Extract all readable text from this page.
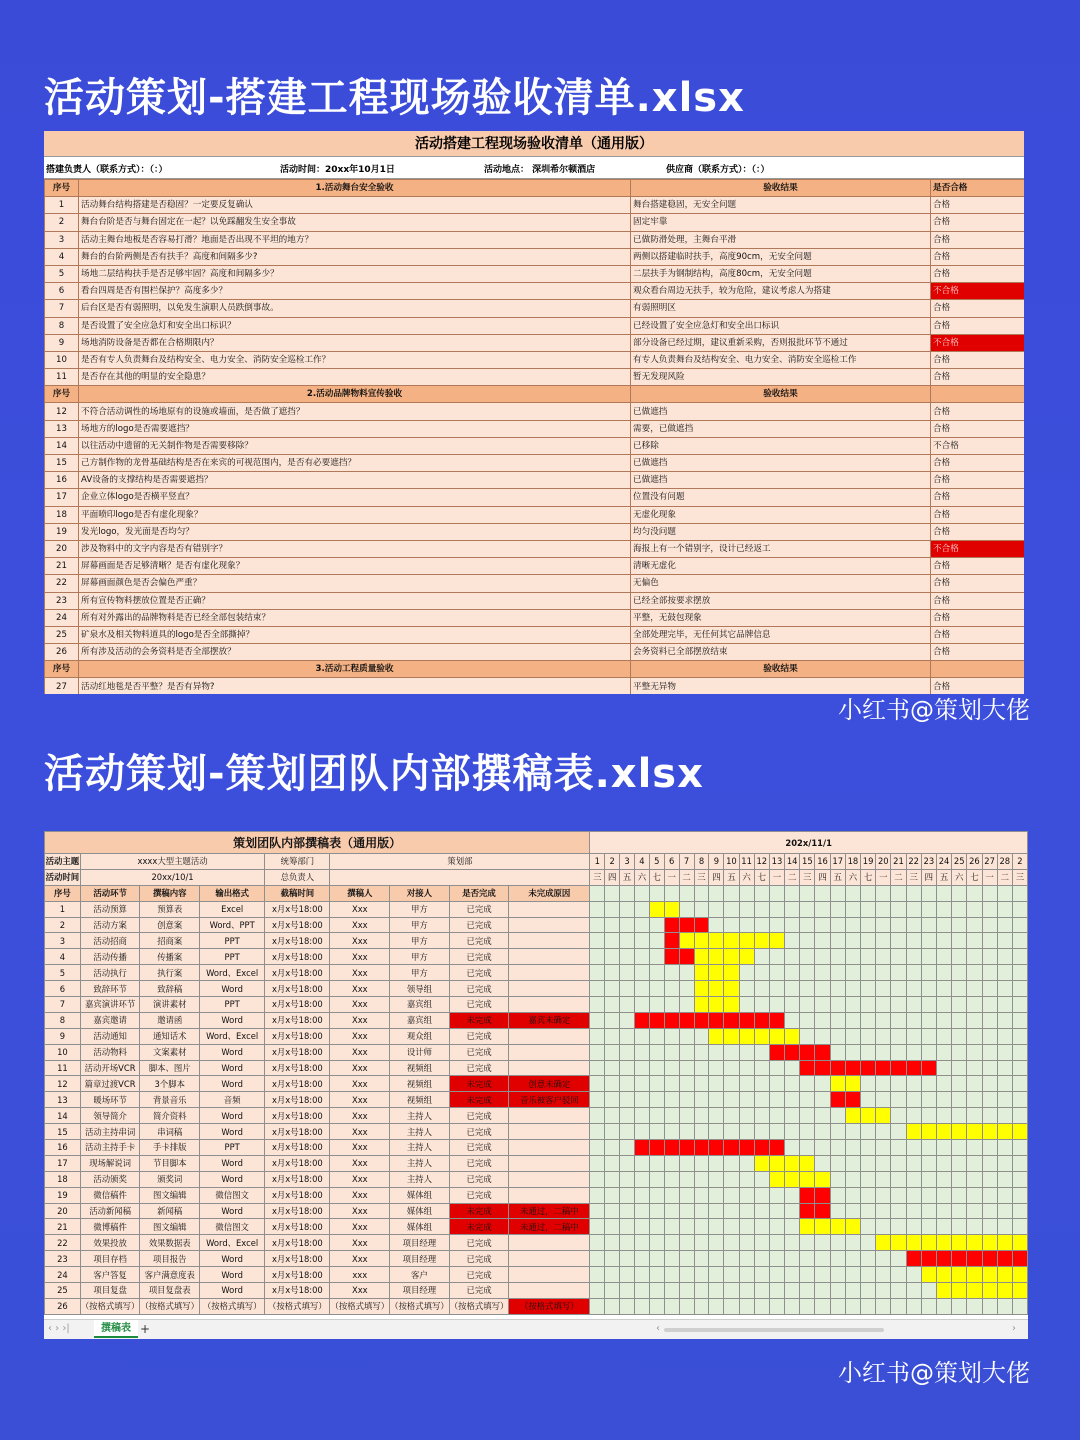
活动策划-搭建工程现场验收清单.xlsx
活动策划-策划团队内部撰稿表.xlsx
活动搭建工程现场验收清单（通用版）
搭建负责人（联系方式）：（：）	活动时间：20xx年10月1日	活动地点： 深圳希尔顿酒店	供应商（联系方式）：（：）
序号	1.活动舞台安全验收	验收结果	是否合格
1	活动舞台结构搭建是否稳固？一定要反复确认	舞台搭建稳固，无安全问题	合格
2	舞台台阶是否与舞台固定在一起？以免踩翻发生安全事故	固定牢靠	合格
3	活动主舞台地板是否容易打滑？地面是否出现不平坦的地方？	已做防滑处理，主舞台平滑	合格
4	舞台的台阶两侧是否有扶手？高度和间隔多少?	两侧以搭建临时扶手，高度90cm，无安全问题	合格
5	场地二层结构扶手是否足够牢固？高度和间隔多少？	二层扶手为钢制结构，高度80cm，无安全问题	合格
6	看台四周是否有围栏保护？高度多少？	观众看台周边无扶手，较为危险，建议考虑人为搭建	不合格
7	后台区是否有弱照明，以免发生演职人员跌倒事故。	有弱照明区	合格
8	是否设置了安全应急灯和安全出口标识？	已经设置了安全应急灯和安全出口标识	合格
9	场地消防设备是否都在合格期限内？	部分设备已经过期，建议重新采购，否则报批环节不通过	不合格
10	是否有专人负责舞台及结构安全、电力安全、消防安全巡检工作？	有专人负责舞台及结构安全、电力安全、消防安全巡检工作	合格
11	是否存在其他的明显的安全隐患？	暂无发现风险	合格
序号	2.活动品牌物料宣传验收	验收结果	
12	不符合活动调性的场地原有的设施或墙面，是否做了遮挡？	已做遮挡	合格
13	场地方的logo是否需要遮挡？	需要，已做遮挡	合格
14	以往活动中遗留的无关制作物是否需要移除？	已移除	不合格
15	己方制作物的龙骨基础结构是否在来宾的可视范围内，是否有必要遮挡？	已做遮挡	合格
16	AV设备的支撑结构是否需要遮挡？	已做遮挡	合格
17	企业立体logo是否横平竖直？	位置没有问题	合格
18	平面喷印logo是否有虚化现象？	无虚化现象	合格
19	发光logo，发光面是否均匀？	均匀没问题	合格
20	涉及物料中的文字内容是否有错别字？	海报上有一个错别字，设计已经返工	不合格
21	屏幕画面是否足够清晰？是否有虚化现象？	清晰无虚化	合格
22	屏幕画面颜色是否会偏色严重？	无偏色	合格
23	所有宣传物料摆放位置是否正确？	已经全部按要求摆放	合格
24	所有对外露出的品牌物料是否已经全部包装结束？	平整，无鼓包现象	合格
25	矿泉水及相关物料道具的logo是否全部撕掉？	全部处理完毕，无任何其它品牌信息	合格
26	所有涉及活动的会务资料是否全部摆放？	会务资料已全部摆放结束	合格
序号	3.活动工程质量验收	验收结果	
27	活动红地毯是否平整？是否有异物?	平整无异物	合格
小红书@策划大佬
策划团队内部撰稿表（通用版）									202x/11/1																												
活动主题	xxxx大型主题活动			统筹部门	策划部				1	2	3	4	5	6	7	8	9	10	11	12	13	14	15	16	17	18	19	20	21	22	23	24	25	26	27	28	2
活动时间	20xx/10/1			总负责人					三	四	五	六	七	一	二	三	四	五	六	七	一	二	三	四	五	六	七	一	二	三	四	五	六	七	一	二	三
序号	活动环节	撰稿内容	输出格式	截稿时间	撰稿人	对接人	是否完成	未完成原因																													
1	活动预算	预算表	Excel	x月x号18:00	Xxx	甲方	已完成																														
2	活动方案	创意案	Word、PPT	x月x号18:00	Xxx	甲方	已完成																														
3	活动招商	招商案	PPT	x月x号18:00	Xxx	甲方	已完成																														
4	活动传播	传播案	PPT	x月x号18:00	Xxx	甲方	已完成																														
5	活动执行	执行案	Word、Excel	x月x号18:00	Xxx	甲方	已完成																														
6	致辞环节	致辞稿	Word	x月x号18:00	Xxx	领导组	已完成																														
7	嘉宾演讲环节	演讲素材	PPT	x月x号18:00	Xxx	嘉宾组	已完成																														
8	嘉宾邀请	邀请函	Word	x月x号18:00	Xxx	嘉宾组	未完成	嘉宾未确定																													
9	活动通知	通知话术	Word、Excel	x月x号18:00	Xxx	观众组	已完成																														
10	活动物料	文案素材	Word	x月x号18:00	Xxx	设计师	已完成																														
11	活动开场VCR	脚本、图片	Word	x月x号18:00	Xxx	视频组	已完成																														
12	篇章过渡VCR	3个脚本	Word	x月x号18:00	Xxx	视频组	未完成	创意未确定																													
13	暖场环节	背景音乐	音频	x月x号18:00	Xxx	视频组	未完成	音乐被客户驳回																													
14	领导简介	简介资料	Word	x月x号18:00	Xxx	主持人	已完成																														
15	活动主持串词	串词稿	Word	x月x号18:00	Xxx	主持人	已完成																														
16	活动主持手卡	手卡排版	PPT	x月x号18:00	Xxx	主持人	已完成																														
17	现场解说词	节目脚本	Word	x月x号18:00	Xxx	主持人	已完成																														
18	活动颁奖	颁奖词	Word	x月x号18:00	Xxx	主持人	已完成																														
19	微信稿件	图文编辑	微信图文	x月x号18:00	Xxx	媒体组	已完成																														
20	活动新闻稿	新闻稿	Word	x月x号18:00	Xxx	媒体组	未完成	未通过，二稿中																													
21	微博稿件	图文编辑	微信图文	x月x号18:00	Xxx	媒体组	未完成	未通过，二稿中																													
22	效果投放	效果数据表	Word、Excel	x月x号18:00	Xxx	项目经理	已完成																														
23	项目存档	项目报告	Word	x月x号18:00	Xxx	项目经理	已完成																														
24	客户答复	客户满意度表	Word	x月x号18:00	xxx	客户	已完成																														
25	项目复盘	项目复盘表	Word	x月x号18:00	Xxx	项目经理	已完成																														
26	（按格式填写）	（按格式填写）	（按格式填写）	（按格式填写）	（按格式填写）	（按格式填写）	（按格式填写）	（按格式填写）																													
‹ › ›|	撰稿表 +	‹	›
小红书@策划大佬
